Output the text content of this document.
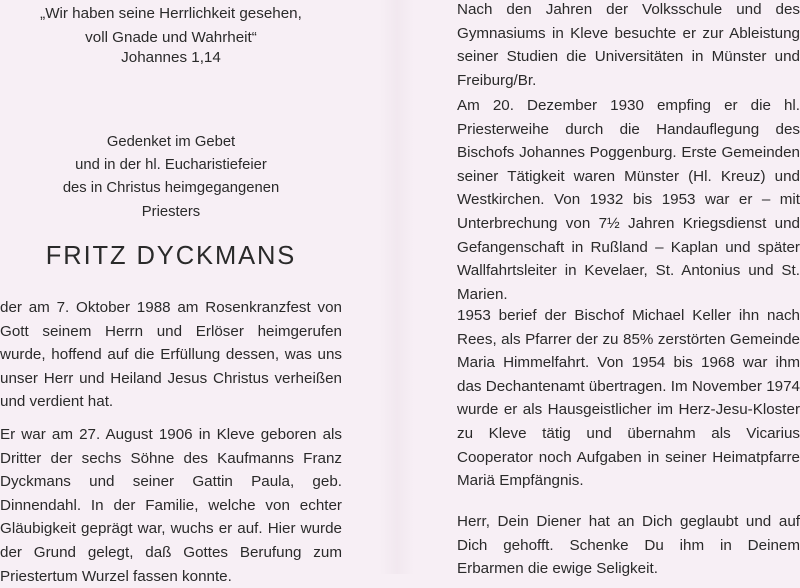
„Wir haben seine Herrlichkeit gesehen,
voll Gnade und Wahrheit“
Johannes 1,14
Gedenket im Gebet
und in der hl. Eucharistiefeier
des in Christus heimgegangenen
Priesters
FRITZ DYCKMANS

der am 7. Oktober 1988 am Rosenkranzfest von Gott seinem Herrn und Erlöser heimgerufen wurde, hoffend auf die Erfüllung dessen, was uns unser Herr und Heiland Jesus Christus verheißen und verdient hat.

Er war am 27. August 1906 in Kleve geboren als Dritter der sechs Söhne des Kaufmanns Franz Dyckmans und seiner Gattin Paula, geb. Dinnendahl. In der Familie, welche von echter Gläubigkeit geprägt war, wuchs er auf. Hier wurde der Grund gelegt, daß Gottes Berufung zum Priestertum Wurzel fassen konnte.

Nach den Jahren der Volksschule und des Gymnasiums in Kleve besuchte er zur Ableistung seiner Studien die Universitäten in Münster und Freiburg/Br.

Am 20. Dezember 1930 empfing er die hl. Priesterweihe durch die Handauflegung des Bischofs Johannes Poggenburg. Erste Gemeinden seiner Tätigkeit waren Münster (Hl. Kreuz) und Westkirchen. Von 1932 bis 1953 war er – mit Unterbrechung von 7½ Jahren Kriegsdienst und Gefangenschaft in Rußland – Kaplan und später Wallfahrtsleiter in Kevelaer, St. Antonius und St. Marien.

1953 berief der Bischof Michael Keller ihn nach Rees, als Pfarrer der zu 85% zerstörten Gemeinde Maria Himmelfahrt. Von 1954 bis 1968 war ihm das Dechantenamt übertragen. Im November 1974 wurde er als Hausgeistlicher im Herz-Jesu-Kloster zu Kleve tätig und übernahm als Vicarius Cooperator noch Aufgaben in seiner Heimatpfarre Mariä Empfängnis.

Herr, Dein Diener hat an Dich geglaubt und auf Dich gehofft. Schenke Du ihm in Deinem Erbarmen die ewige Seligkeit.
